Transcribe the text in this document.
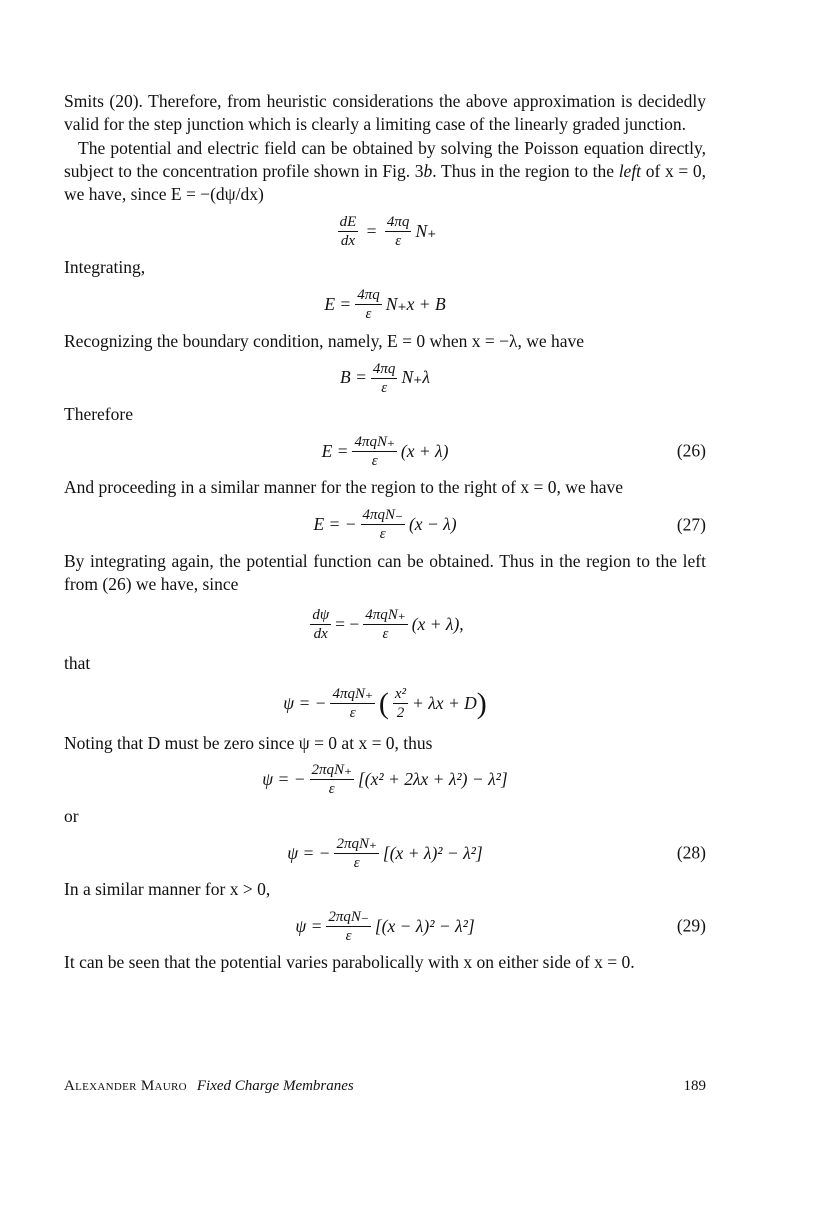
Smits (20). Therefore, from heuristic considerations the above approximation is decidedly valid for the step junction which is clearly a limiting case of the linearly graded junction.

The potential and electric field can be obtained by solving the Poisson equation directly, subject to the concentration profile shown in Fig. 3b. Thus in the region to the left of x = 0, we have, since E = −(dψ/dx)

$\frac{dE}{dx} = \frac{4\pi q}{\varepsilon} N_+$

Integrating,

$E = \frac{4\pi q}{\varepsilon} N_+x + B$

Recognizing the boundary condition, namely, E = 0 when x = −λ, we have

$B = \frac{4\pi q}{\varepsilon} N_+\lambda$

Therefore

$E = \frac{\text{4πqN₊}}{\varepsilon} (x + \lambda)$	(26)

And proceeding in a similar manner for the region to the right of x = 0, we have

E = − $\frac{\text{4πqN₋}}{\varepsilon} (x - \lambda)$	(27)

By integrating again, the potential function can be obtained. Thus in the region to the left from (26) we have, since

$\frac{d\psi}{dx}$ = − $\frac{\text{4πqN₊}}{\varepsilon} (x + \lambda)$,

that

ψ = − $\frac{\text{4πqN₊}}{\varepsilon}$ ( $\frac{\text{x²}}{2} + \lambda x + D$ )

Noting that D must be zero since ψ = 0 at x = 0, thus

ψ = − $\frac{\text{2πqN₊}}{\varepsilon} [(x^2 + 2\lambda x + \lambda^2) - \lambda^2]$

or

ψ = − $\frac{\text{2πqN₊}}{\varepsilon} [(x + \lambda)^2 - \lambda^2]$	(28)

In a similar manner for x > 0,

$\psi = \frac{\text{2πqN₋}}{\varepsilon} [(x - \lambda)^2 - \lambda^2]$	(29)

It can be seen that the potential varies parabolically with x on either side of x = 0.

Alexander Mauro Fixed Charge Membranes	189
